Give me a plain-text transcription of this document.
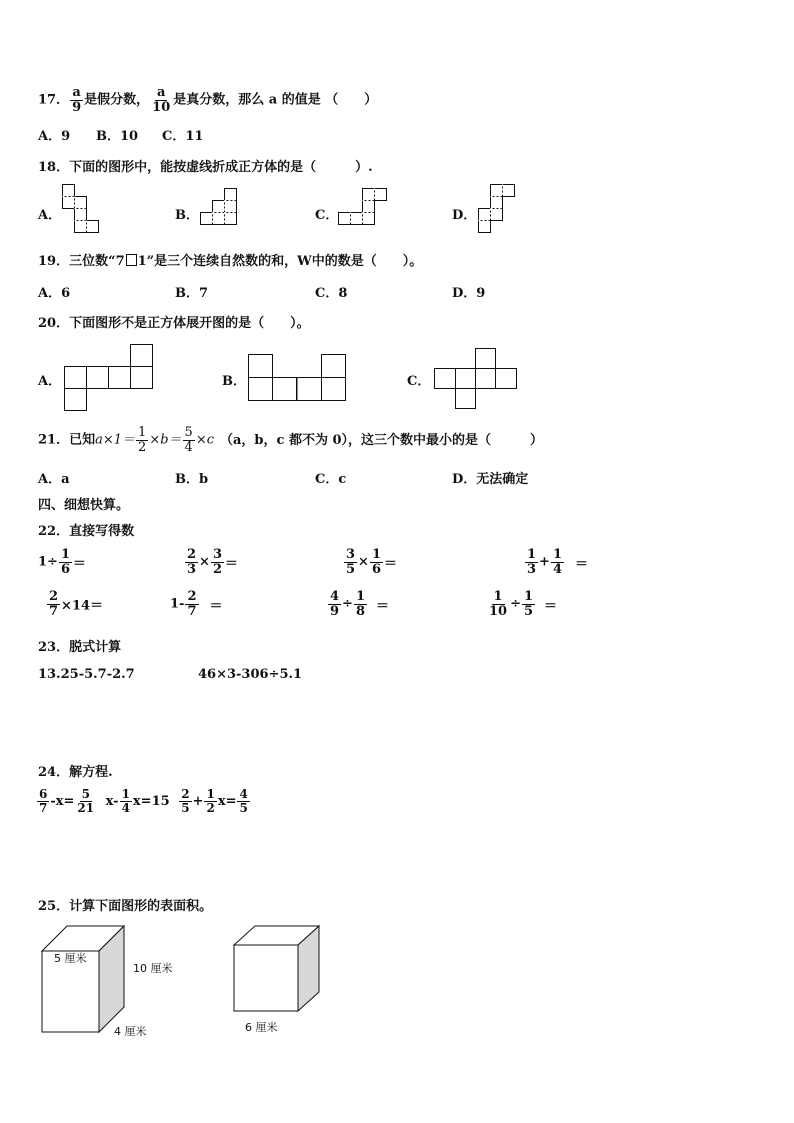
17． $\frac{a}{9}$ 是假分数， $\frac{a}{10}$ 是真分数，那么 a 的值是 （　　）
A．9 B．10 C．11
18．下面的图形中，能按虚线折成正方体的是（　　　）.
A．	B．	C．	D．
19．三位数“7 1”是三个连续自然数的和，W中的数是（　　）。
A．6	B．7	C．8	D．9
20．下面图形不是正方体展开图的是（　　）。
A．	B．	C．
21．已知$a\times 1= \frac{1}{2} \times b= \frac{5}{4} \times c$ （a，b，c 都不为 0），这三个数中最小的是（　　　）
A．a	B．b	C．c	D．无法确定
四、细想快算。
22．直接写得数
$1\div \frac{1}{6}$ ＝	$\frac{2}{3} \times \frac{3}{2}$ ＝	$\frac{3}{5} \times \frac{1}{6}$ ＝	$\frac{1}{3} + \frac{1}{4}$ ＝
$\frac{2}{7} \times 14=$	$1- \frac{2}{7}$ ＝	$\frac{4}{9} \div \frac{1}{8}$ ＝	$\frac{1}{10} \div \frac{1}{5}$ ＝
23．脱式计算
13.25-5.7-2.7	46×3-306÷5.1
24．解方程.
$\frac{6}{7} -x= \frac{5}{21} x- \frac{1}{4} x=15 \frac{2}{5} + \frac{1}{2} x= \frac{4}{5}$
25．计算下面图形的表面积。
5 厘米
10 厘米
4 厘米	6 厘米
